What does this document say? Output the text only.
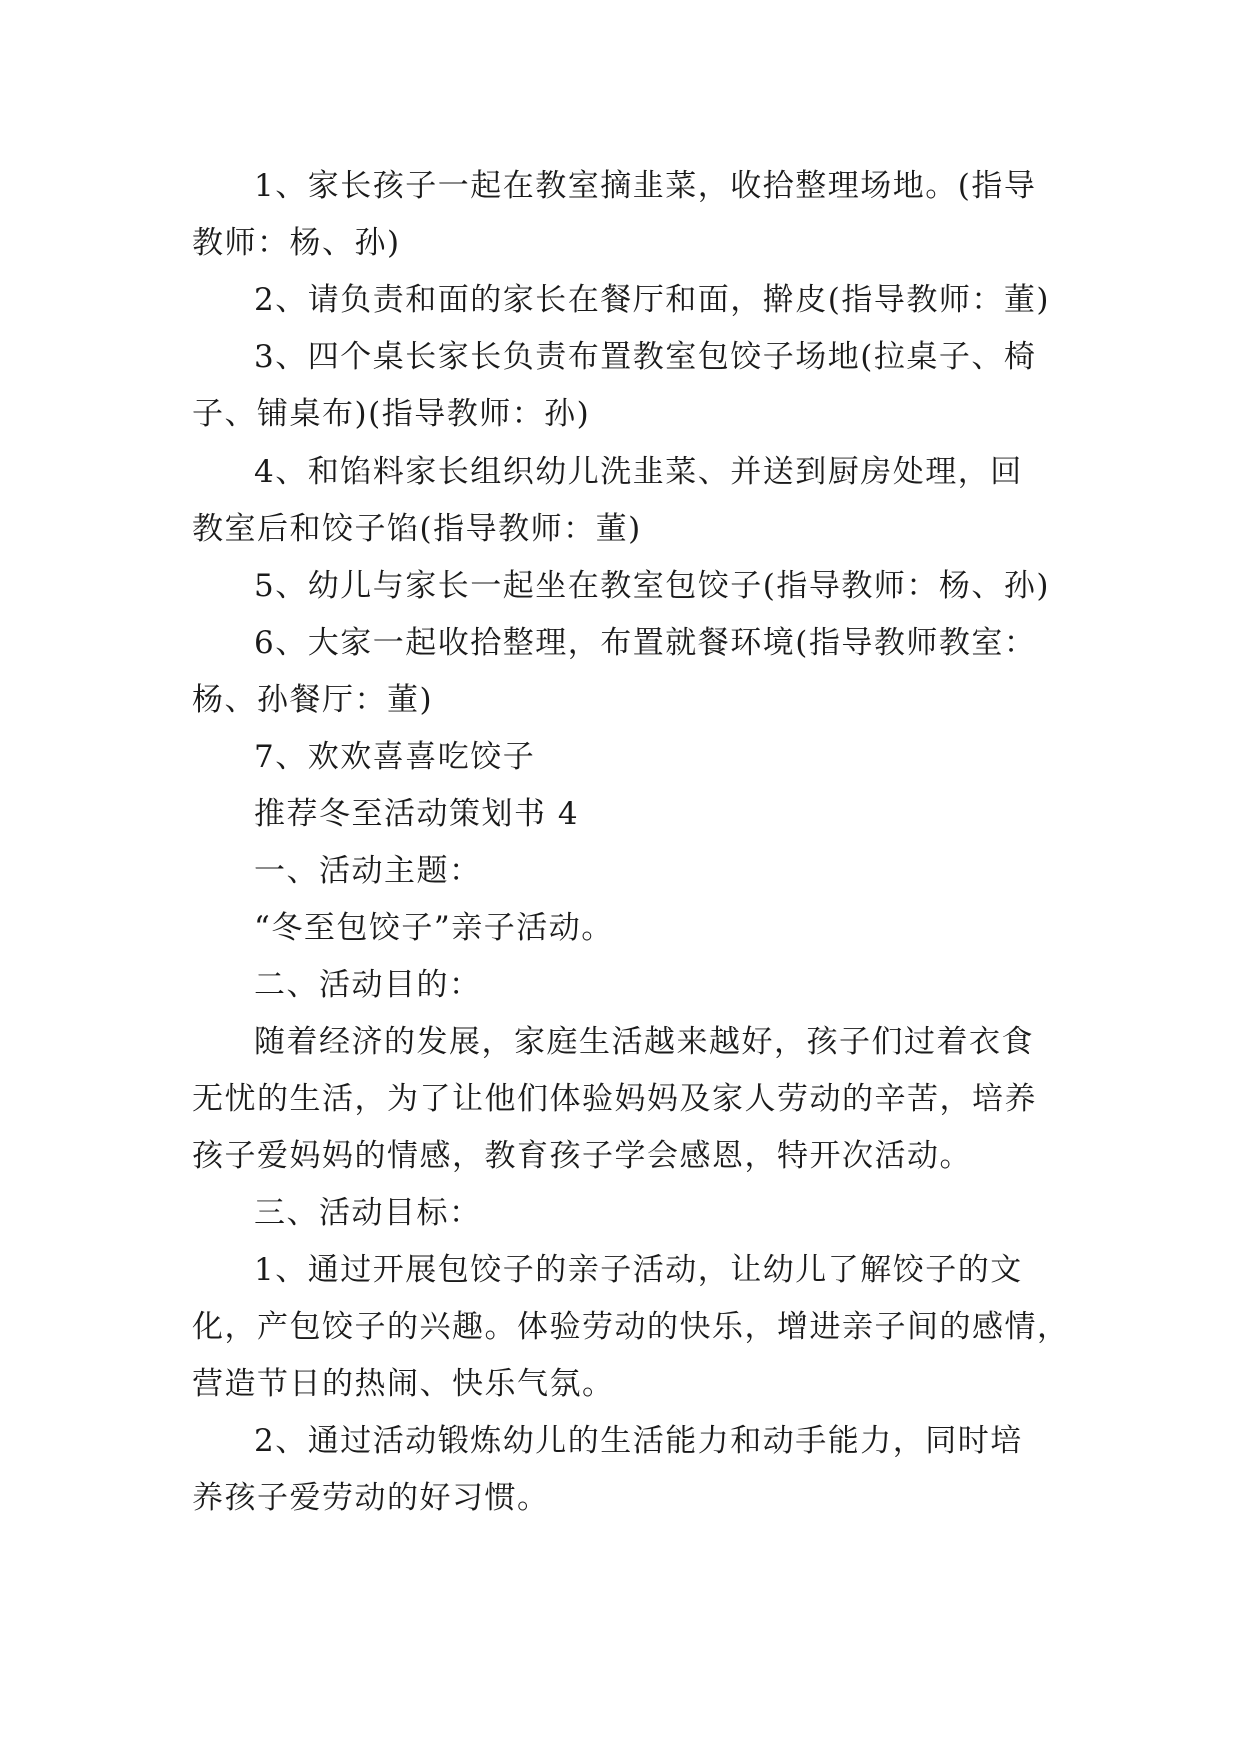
1、家长孩子一起在教室摘韭菜，收拾整理场地。(指导
教师：杨、孙)
2、请负责和面的家长在餐厅和面，擀皮(指导教师：董)
3、四个桌长家长负责布置教室包饺子场地(拉桌子、椅
子、铺桌布)(指导教师：孙)
4、和馅料家长组织幼儿洗韭菜、并送到厨房处理，回
教室后和饺子馅(指导教师：董)
5、幼儿与家长一起坐在教室包饺子(指导教师：杨、孙)
6、大家一起收拾整理，布置就餐环境(指导教师教室：
杨、孙餐厅：董)
7、欢欢喜喜吃饺子
推荐冬至活动策划书 4
一、活动主题：
“冬至包饺子”亲子活动。
二、活动目的：
随着经济的发展，家庭生活越来越好，孩子们过着衣食
无忧的生活，为了让他们体验妈妈及家人劳动的辛苦，培养
孩子爱妈妈的情感，教育孩子学会感恩，特开次活动。
三、活动目标：
1、通过开展包饺子的亲子活动，让幼儿了解饺子的文
化，产包饺子的兴趣。体验劳动的快乐，增进亲子间的感情，
营造节日的热闹、快乐气氛。
2、通过活动锻炼幼儿的生活能力和动手能力，同时培
养孩子爱劳动的好习惯。
